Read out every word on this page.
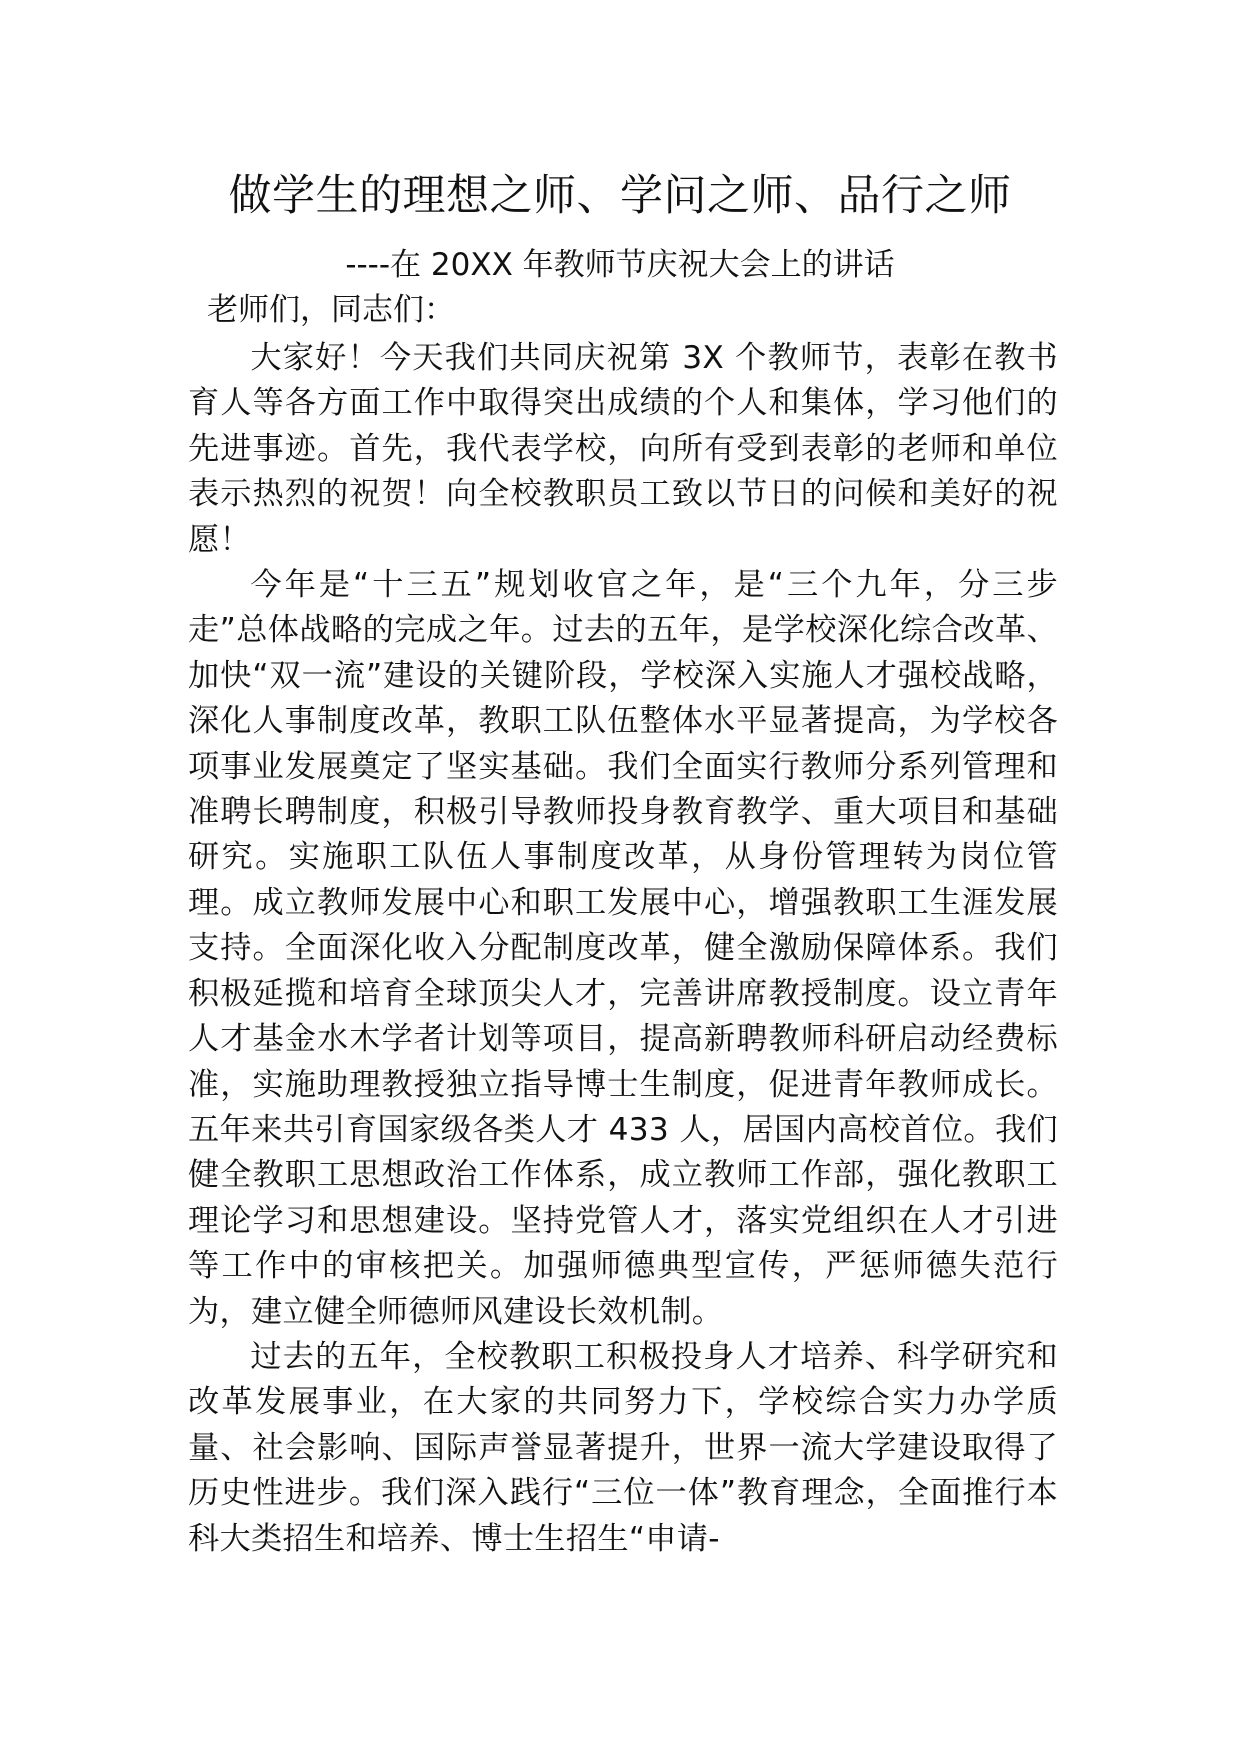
做学生的理想之师、学问之师、品行之师

----在 20XX 年教师节庆祝大会上的讲话

老师们，同志们：

大家好！今天我们共同庆祝第 3X 个教师节，表彰在教书育人等各方面工作中取得突出成绩的个人和集体，学习他们的先进事迹。首先，我代表学校，向所有受到表彰的老师和单位表示热烈的祝贺！向全校教职员工致以节日的问候和美好的祝愿！

今年是“十三五”规划收官之年，是“三个九年，分三步走”总体战略的完成之年。过去的五年，是学校深化综合改革、加快“双一流”建设的关键阶段，学校深入实施人才强校战略，深化人事制度改革，教职工队伍整体水平显著提高，为学校各项事业发展奠定了坚实基础。我们全面实行教师分系列管理和准聘长聘制度，积极引导教师投身教育教学、重大项目和基础研究。实施职工队伍人事制度改革，从身份管理转为岗位管理。成立教师发展中心和职工发展中心，增强教职工生涯发展支持。全面深化收入分配制度改革，健全激励保障体系。我们积极延揽和培育全球顶尖人才，完善讲席教授制度。设立青年人才基金水木学者计划等项目，提高新聘教师科研启动经费标准，实施助理教授独立指导博士生制度，促进青年教师成长。五年来共引育国家级各类人才 433 人，居国内高校首位。我们健全教职工思想政治工作体系，成立教师工作部，强化教职工理论学习和思想建设。坚持党管人才，落实党组织在人才引进等工作中的审核把关。加强师德典型宣传，严惩师德失范行为，建立健全师德师风建设长效机制。

过去的五年，全校教职工积极投身人才培养、科学研究和改革发展事业，在大家的共同努力下，学校综合实力办学质量、社会影响、国际声誉显著提升，世界一流大学建设取得了历史性进步。我们深入践行“三位一体”教育理念，全面推行本科大类招生和培养、博士生招生“申请-
